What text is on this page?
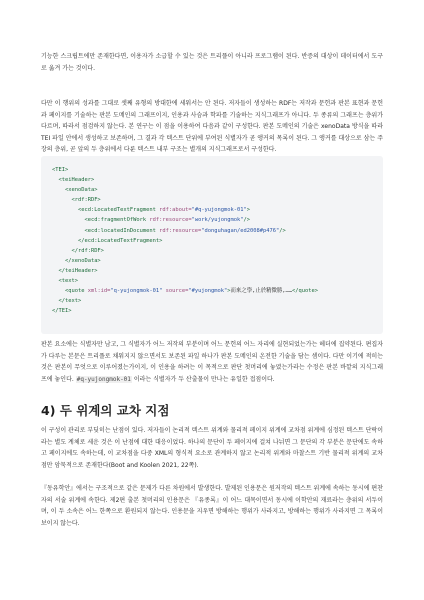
기능한 스크립트에만 존재한다면, 이용자가 소급할 수 있는 것은 트리플이 아니라 프로그램이 된다. 반증의 대상이 데이터에서 도구로 옮겨 가는 것이다.

다만 이 행위의 성과를 그대로 셋째 유형의 방대한에 세워서는 안 된다. 저자들이 생성하는 RDF는 저작과 문헌과 판본 표현과 문헌과 페이지를 기술하는 판본 도메인의 그래프이지, 인용과 사슴과 학파를 기술하는 지식그래프가 아니다. 두 종류의 그래프는 층위가 다르며, 따라서 점검하지 않는다. 본 연구는 이 점을 이용하여 다음과 같이 구성한다. 판본 도메인의 기술은 xenoData 방식을 따라 TEI 파일 안에서 생성하고 보존하며, 그 결과 각 텍스트 단위에 부여된 식별자가 곧 앵커의 목록이 된다. 그 앵커를 대상으로 삼는 주장의 층위, 곧 앞의 두 층위에서 다룬 텍스트 내부 구조는 별개의 지식그래프로서 구성한다.

<TEI>
<teiHeader>
<xenoData>
<rdf:RDF>
<ecd:LocatedTextFragment rdf:about="#q-yujongmok-01">
<ecd:fragmentOfWork rdf:resource="work/yujongmok"/>
<ecd:locatedInDocument rdf:resource="donguhagan/ed2008#p476"/>
</ecd:LocatedTextFragment>
</rdf:RDF>
</xenoData>
</teiHeader>
<text>
<quote xml:id="q-yujongmok-01" source="#yujongmok">而來之學,止於精微勝,……</quote>
</text>
</TEI>

판본 요소에는 식별자만 남고, 그 식별자가 어느 저작의 부분이며 어느 문헌의 어느 자리에 실현되었는가는 헤더에 집약된다. 편집자가 다루는 본문은 트리플로 채워지지 않으면서도 보존된 파일 하나가 판본 도메인의 온전한 기술을 담는 셈이다. 다만 이기에 적히는 것은 판본이 무엇으로 이루어졌는가이지, 이 인용을 하려는 이 목적으로 판단 첫머리에 놓였는가라는 수정은 판본 바깥의 지식그래프에 놓인다. #q-yujongmok-01 이라는 식별자가 두 산출물이 만나는 유일한 접점이다.

4) 두 위계의 교차 지점

이 구성이 관리로 부딪히는 난점이 있다. 저자들이 논리적 텍스트 위계와 물리적 페이지 위계에 교차점 위계에 심정된 텍스트 단락이라는 별도 계체로 세운 것은 이 난점에 대한 대응이었다. 하나의 문단이 두 페이지에 걸쳐 나뉘면 그 문단의 각 부분은 문단에도 속하고 페이지에도 속하는데, 이 교차점을 다중 XML의 형식적 요소로 관계하지 않고 논리적 위계와 마찰스트 기반 물리적 위계의 교차점만 암묵적으로 존재한다(Boot and Koolen 2021, 22쪽).

『동유학안』에서는 구조적으로 같은 문제가 다른 차원에서 발생한다. 발제된 인용문은 원저작의 텍스트 위계에 속하는 동시에 편찬자의 서술 위계에 속한다. 제2편 출본 첫머리의 인용문은 『유종록』이 어느 대목이면서 동시에 이학안의 재료라는 층위의 서두이며, 이 두 소속은 어느 한쪽으로 환원되지 않는다. 인용문을 지우면 방해하는 행위가 사라지고, 방해하는 행위가 사라지면 그 목록이 보이지 않는다.
